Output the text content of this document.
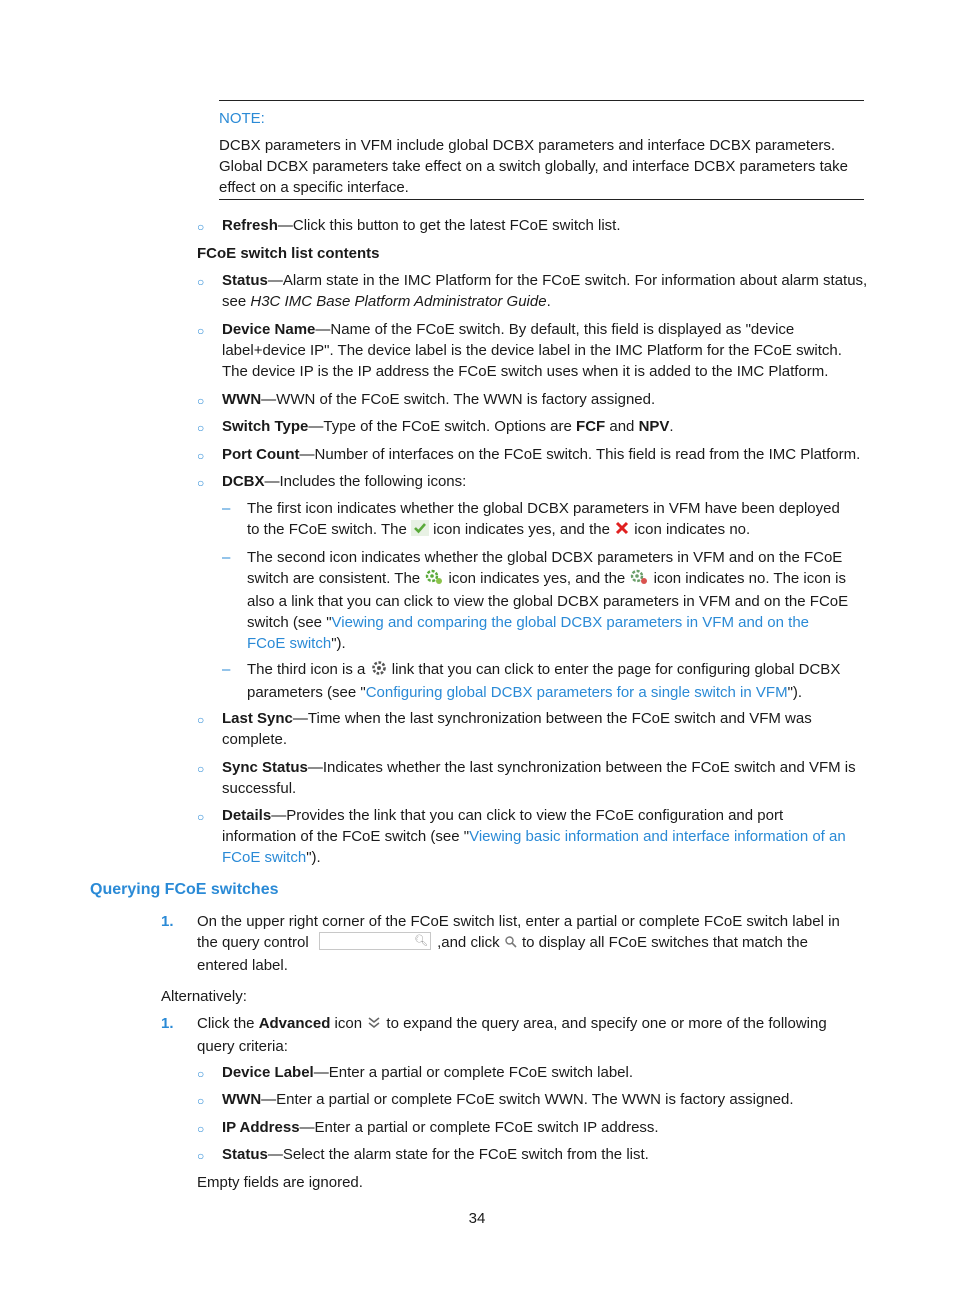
NOTE:
DCBX parameters in VFM include global DCBX parameters and interface DCBX parameters.
Global DCBX parameters take effect on a switch globally, and interface DCBX parameters take
effect on a specific interface.
○ Refresh—Click this button to get the latest FCoE switch list.
FCoE switch list contents
○ Status—Alarm state in the IMC Platform for the FCoE switch. For information about alarm status,
see H3C IMC Base Platform Administrator Guide.
○ Device Name—Name of the FCoE switch. By default, this field is displayed as "device
label+device IP". The device label is the device label in the IMC Platform for the FCoE switch.
The device IP is the IP address the FCoE switch uses when it is added to the IMC Platform.
○ WWN—WWN of the FCoE switch. The WWN is factory assigned.
○ Switch Type—Type of the FCoE switch. Options are FCF and NPV.
○ Port Count—Number of interfaces on the FCoE switch. This field is read from the IMC Platform.
○ DCBX—Includes the following icons:
– The first icon indicates whether the global DCBX parameters in VFM have been deployed
to the FCoE switch. The  icon indicates yes, and the  icon indicates no.
– The second icon indicates whether the global DCBX parameters in VFM and on the FCoE
switch are consistent. The  icon indicates yes, and the  icon indicates no. The icon is
also a link that you can click to view the global DCBX parameters in VFM and on the FCoE
switch (see "Viewing and comparing the global DCBX parameters in VFM and on the
FCoE switch").
– The third icon is a  link that you can click to enter the page for configuring global DCBX
parameters (see "Configuring global DCBX parameters for a single switch in VFM").
○ Last Sync—Time when the last synchronization between the FCoE switch and VFM was
complete.
○ Sync Status—Indicates whether the last synchronization between the FCoE switch and VFM is
successful.
○ Details—Provides the link that you can click to view the FCoE configuration and port
information of the FCoE switch (see "Viewing basic information and interface information of an
FCoE switch").
Querying FCoE switches
1. On the upper right corner of the FCoE switch list, enter a partial or complete FCoE switch label in
the query control	🔍︎ ,and click  to display all FCoE switches that match the
entered label.
Alternatively:
1. Click the Advanced icon  to expand the query area, and specify one or more of the following
query criteria:
○ Device Label—Enter a partial or complete FCoE switch label.
○ WWN—Enter a partial or complete FCoE switch WWN. The WWN is factory assigned.
○ IP Address—Enter a partial or complete FCoE switch IP address.
○ Status—Select the alarm state for the FCoE switch from the list.
Empty fields are ignored.
34
